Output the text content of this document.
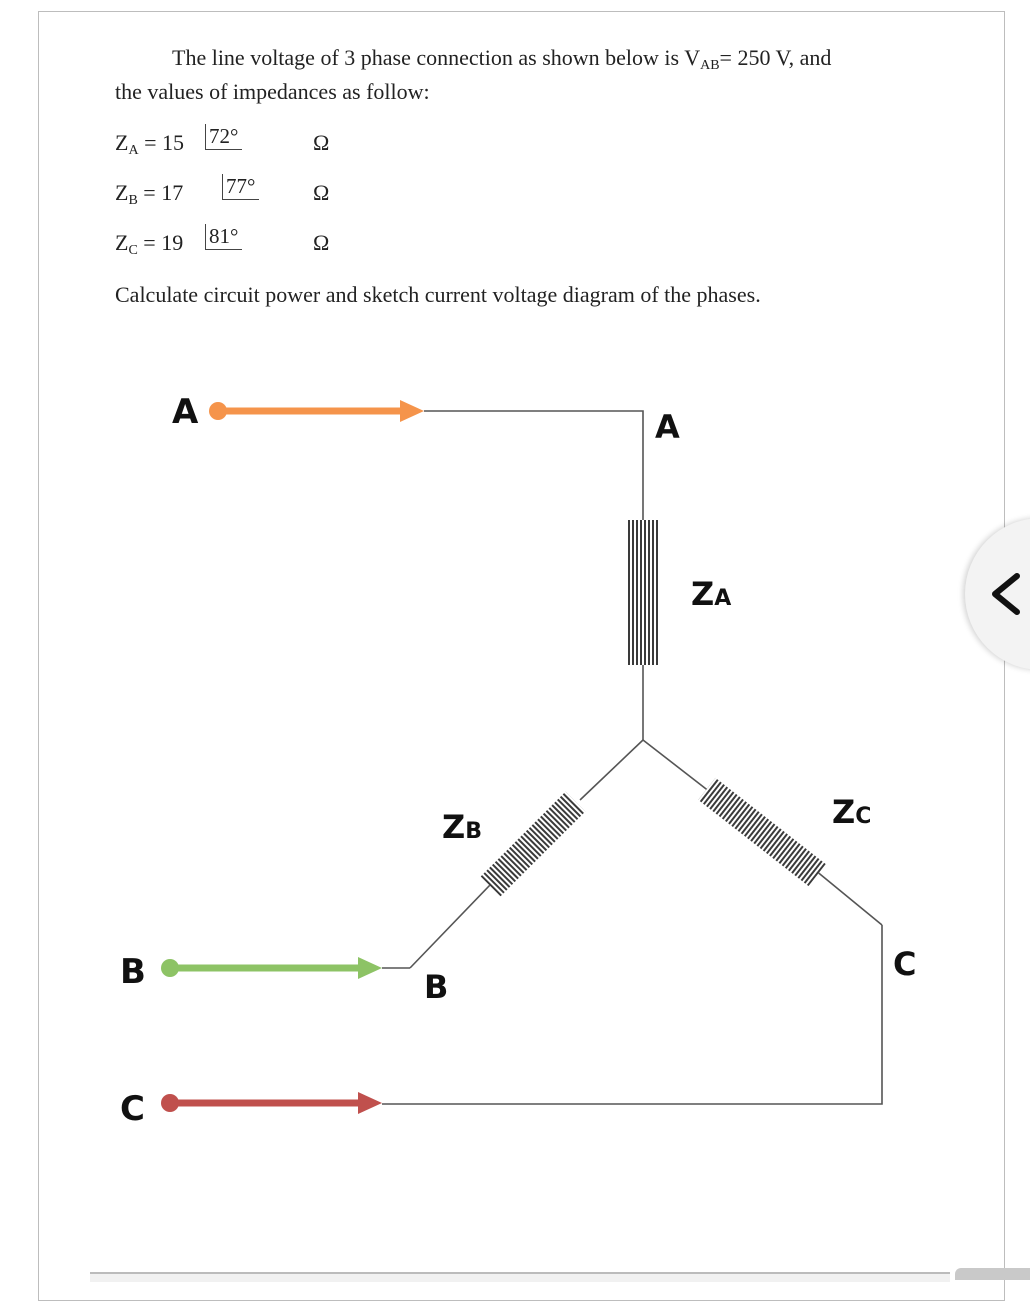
The line voltage of 3 phase connection as shown below is $V_{AB}= 250$ V, and
the values of impedances as follow:
$Z_A = 15$ 72°	Ω
$Z_B = 17$ 77°	Ω
$Z_C = 19$ 81°	Ω
Calculate circuit power and sketch current voltage diagram of the phases.
A
B
C
A
B
C
ZA
ZB
ZC
